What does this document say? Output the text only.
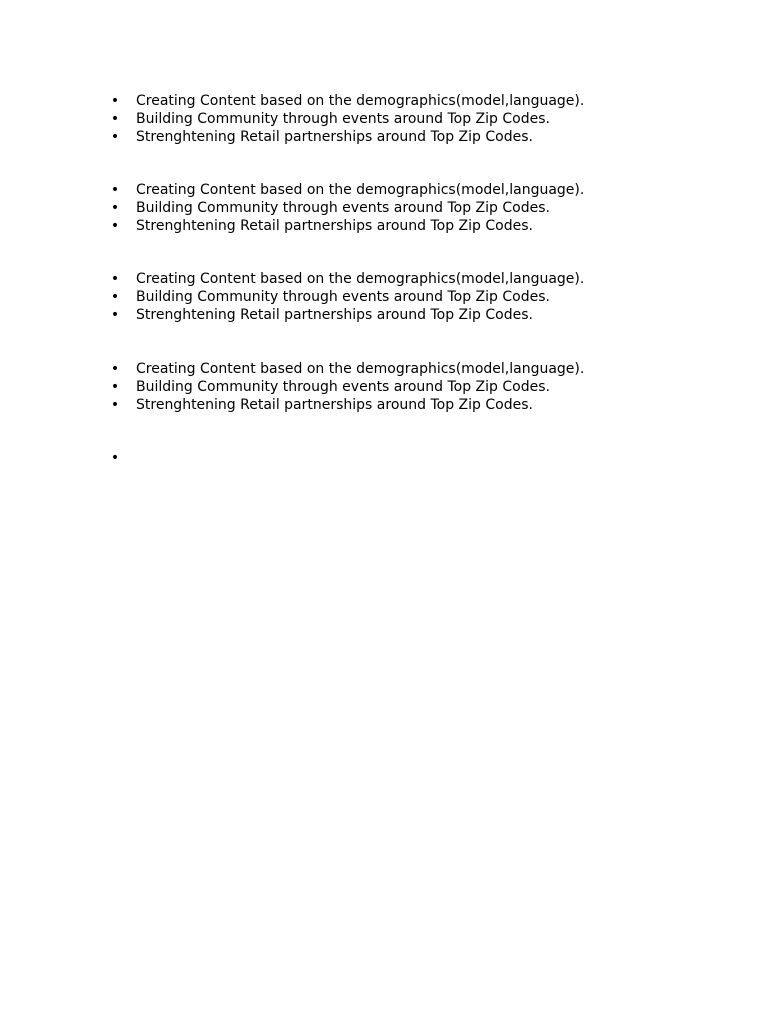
• Creating Content based on the demographics(model,language).
• Building Community through events around Top Zip Codes.
• Strenghtening Retail partnerships around Top Zip Codes.
• Creating Content based on the demographics(model,language).
• Building Community through events around Top Zip Codes.
• Strenghtening Retail partnerships around Top Zip Codes.
• Creating Content based on the demographics(model,language).
• Building Community through events around Top Zip Codes.
• Strenghtening Retail partnerships around Top Zip Codes.
• Creating Content based on the demographics(model,language).
• Building Community through events around Top Zip Codes.
• Strenghtening Retail partnerships around Top Zip Codes.
•
